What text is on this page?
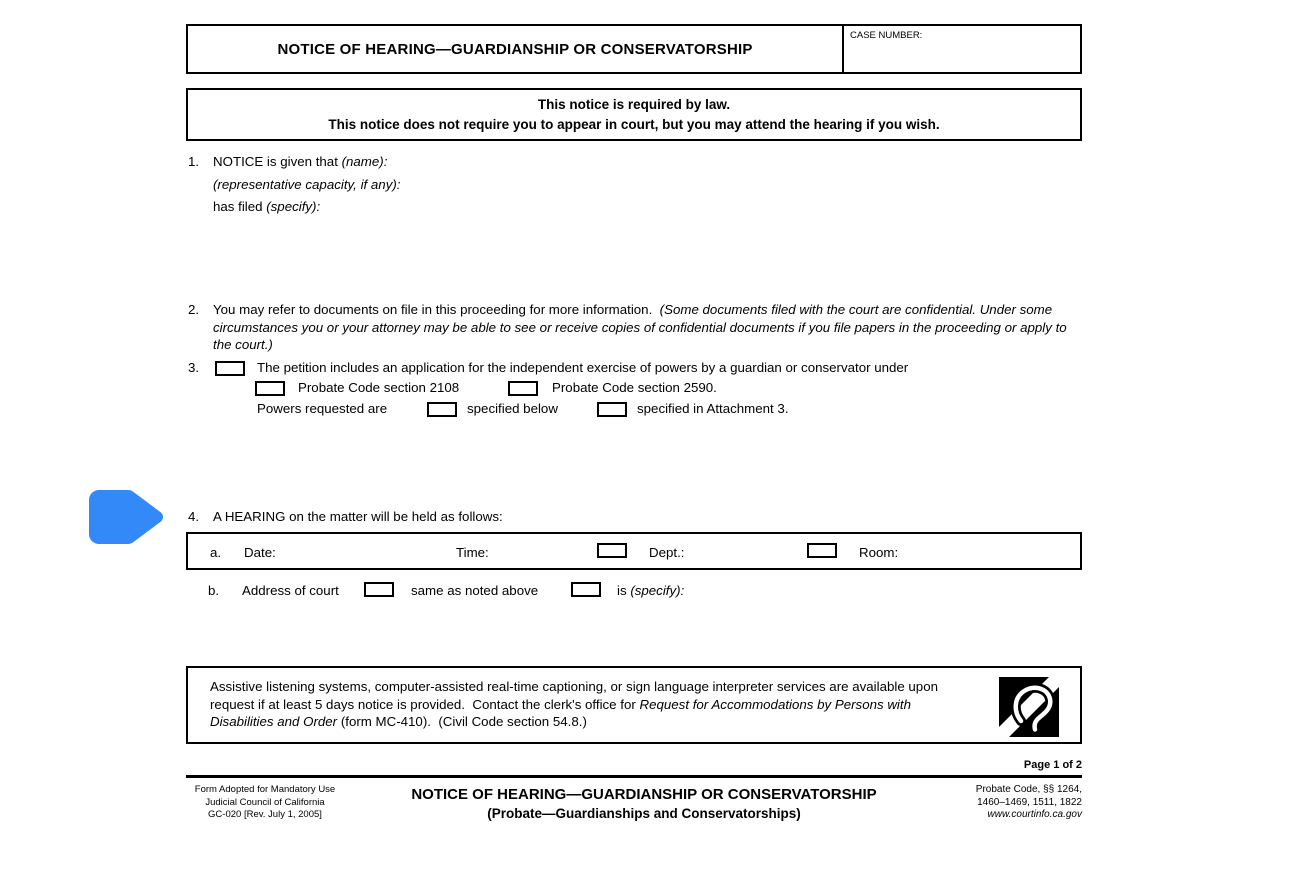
NOTICE OF HEARING—GUARDIANSHIP OR CONSERVATORSHIP
CASE NUMBER:
This notice is required by law.
This notice does not require you to appear in court, but you may attend the hearing if you wish.
1. NOTICE is given that (name):
(representative capacity, if any):
has filed (specify):
2. You may refer to documents on file in this proceeding for more information.  (Some documents filed with the court are confidential. Under some circumstances you or your attorney may be able to see or receive copies of confidential documents if you file papers in the proceeding or apply to the court.)
3.	The petition includes an application for the independent exercise of powers by a guardian or conservator under
Probate Code section 2108	Probate Code section 2590.
Powers requested are	specified below	specified in Attachment 3.
4. A HEARING on the matter will be held as follows:
a. Date:	Time:	Dept.:	Room:
b. Address of court	same as noted above	is (specify):
Assistive listening systems, computer-assisted real-time captioning, or sign language interpreter services are available upon request if at least 5 days notice is provided.  Contact the clerk's office for Request for Accommodations by Persons with Disabilities and Order (form MC-410).  (Civil Code section 54.8.)
Page 1 of 2
Form Adopted for Mandatory Use
Judicial Council of California
GC-020 [Rev. July 1, 2005]
NOTICE OF HEARING—GUARDIANSHIP OR CONSERVATORSHIP
(Probate—Guardianships and Conservatorships)
Probate Code, §§ 1264,
1460–1469, 1511, 1822
www.courtinfo.ca.gov
